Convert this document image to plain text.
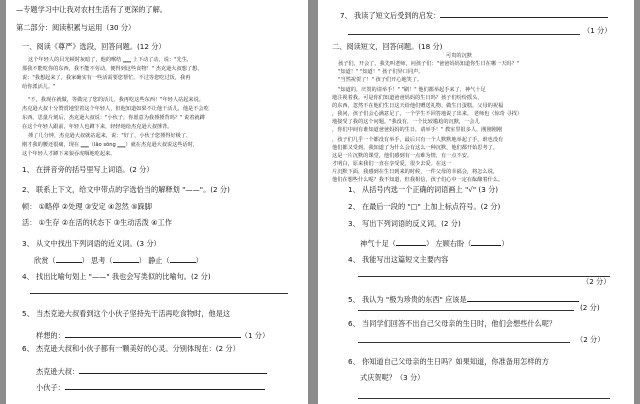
—专题学习中让我对农村生活有了更深的了解。
第二部分：阅读积累与运用（30 分）
一、阅读《尊严》选段，回答问题。(12 分）
这个年轻人的目光顿时灰暗了，他的喉结 ▁▁ 上下动了动，说："先生，
那我不能吃你的东西，我不能不劳动，便得到这些食物！" 杰克逊大叔想了想，
说："我想起来了，我家确实有一些活需要您帮忙。不过等您吃过饭，我再
给你派活儿。"
"不，我现在就做，等做完了您的活儿，我再吃这些东西！"年轻人站起来说。
杰克逊大叔十分赞赏地望着这个年轻人，但他知道如果不让他干活儿，他是不会吃
东西。思量片刻后，杰克逊大叔说："小伙子，你愿意为我捶捶背吗？" 说着就蹲
在这个年轻人跟前，年轻人也蹲下来，轻轻地给杰克逊大叔捶背。
捶了几分钟，杰克逊大叔就站起来，说："好了，小伙子您捶得好极了，
刚才我的腰还很痛，现在 ▁▁（lǎo sōng ▁▁）就在杰克逊大叔说这些话时，
这个年轻人才蹲下来狼吞虎咽地吃起来。
1、 在拼音旁的括号里写上词语。(2 分）
2、 联系上下文，给文中带点的字选恰当的解释划 "——"。(2 分)
顿： ①略停 ②处理 ③安定 ④忽然 ⑤跺脚
活： ①生存 ②在活的状态下 ③生动活泼 ④工作
3、 从文中找出下列词语的近义词。(3 分）
欣赏（	） 思考（	） 静止（	）
4、 找出比喻句划上 "——" 我也会写类似的比喻句。(2 分)
5、 当杰克逊大叔看到这个小伙子坚持先干活再吃食物时，他是这
样想的：	（1 分）
6、 杰克逊大叔和小伙子都有一颗美好的心灵。分别体现在：(2 分）
杰克逊大叔：
小伙子：
7、 我读了短文后受到的启发：
（1 分）
二、阅读短文，回答问题。(18 分)
可贵的沉默
孩子们，开会了。我先叫老师，问孩子们："爸爸妈妈知道你生日在哪一天吗？"
"知道！" "知道！" 孩子们异口同声。
"当然祝贺了！" 孩子们开心地笑了。
"知道的，庆贺的请举手！" "刷！" 他们都举起手来了，神气十足
地注视着我。可是你们知道爸爸妈妈的生日吗？孩子们纷纷摇头，
的东西，忽然不在他们生日这天给他们赠送礼物、做生日蛋糕。父母的祝福
，我问，孩子们会心满意足了，一个学生不回答地说了出来。 老师也（惊奇 寻找）
地接受了我的这个问题。"我没有，一个比较尴尬的沉默，一会儿
，你们中间有谁知道爸爸妈妈的生日，请举手！" 教室里很多人，刚刚刚刚
，孩子们几乎一个都没有举手，最后只有一个人默默地举起了手，谁也没有
他们都又受到，我知道了为什么会有这么一种沉默，他们都开始思考了。
这是一片沉默的课堂，他们感到有一点难为情，有一点不安。
才明白，原来我们一直在享受爱，很少去爱。在这一
片沉默下面，我感到在生日到来的时候，一件父母的幸福会，将怎么说，
他们在想些什么呢？我不知道，但我相信，孩子们心中一定在酝酿着什么。
1、 从括号内选一个正确的词语画上 "√" (3 分)
2、 在最后一段的 "□" 上加上标点符号。(2 分)
3、 写出下列词语的反义词。(2 分)
神气十足（	） 左顾右盼（	）
4、 我能写出这篇短文主要内容
（2 分）
5、 我认为 "极为珍贵的东西" 应该是
(2 分)
6、 当同学们回答不出自己父母亲的生日时，他们会想些什么呢？
（2 分）
6、 你知道自己父母亲的生日吗？如果知道，你准备用怎样的方
式庆贺呢？（3 分）
